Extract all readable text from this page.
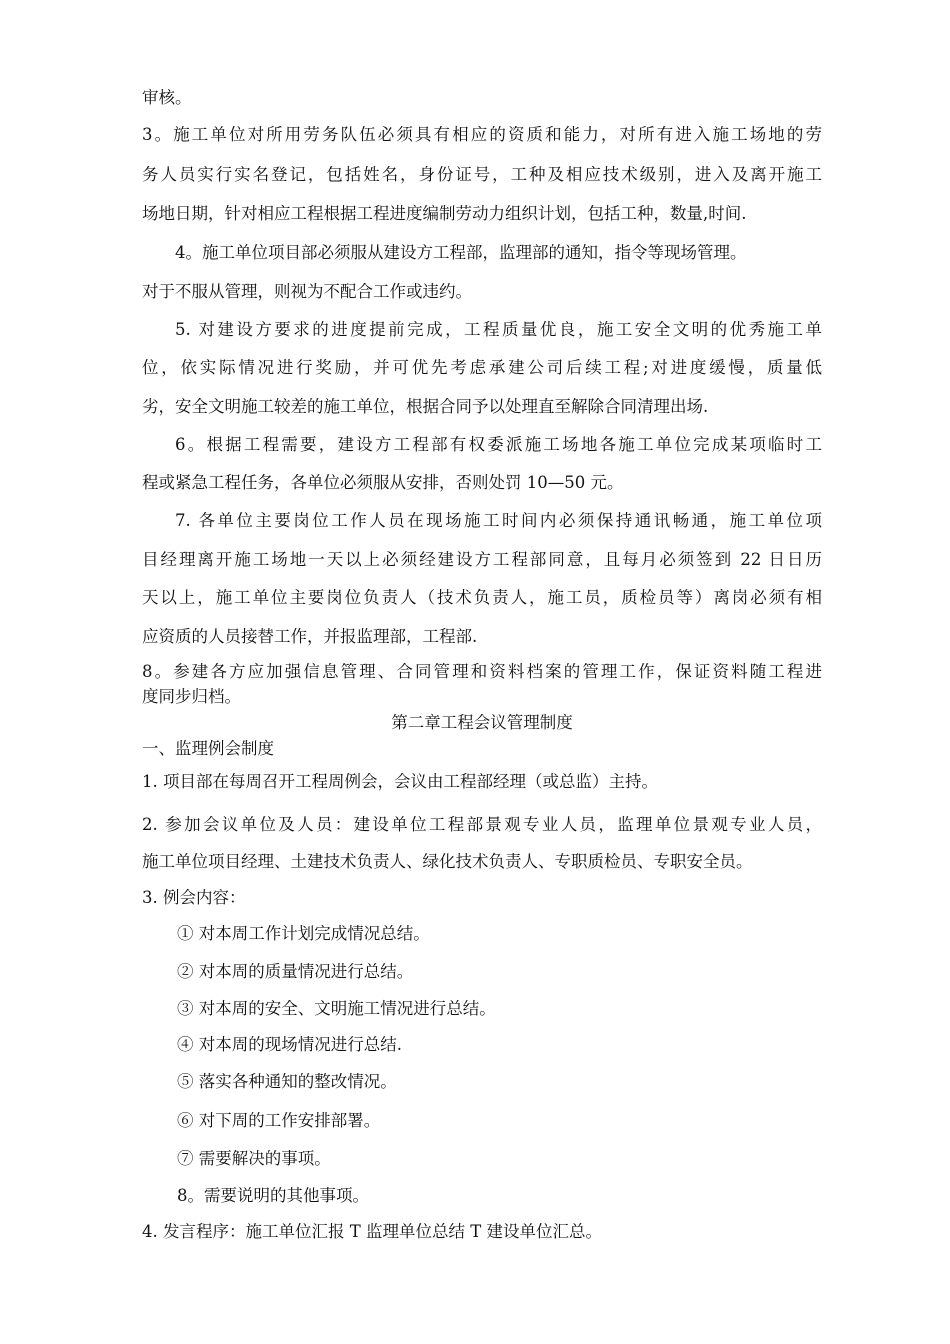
审核。
3。施工单位对所用劳务队伍必须具有相应的资质和能力，对所有进入施工场地的劳
务人员实行实名登记，包括姓名，身份证号，工种及相应技术级别，进入及离开施工
场地日期，针对相应工程根据工程进度编制劳动力组织计划，包括工种，数量,时间.
4。施工单位项目部必须服从建设方工程部，监理部的通知，指令等现场管理。
对于不服从管理，则视为不配合工作或违约。
5. 对建设方要求的进度提前完成，工程质量优良，施工安全文明的优秀施工单
位，依实际情况进行奖励，并可优先考虑承建公司后续工程;对进度缓慢，质量低
劣，安全文明施工较差的施工单位，根据合同予以处理直至解除合同清理出场.
6。根据工程需要，建设方工程部有权委派施工场地各施工单位完成某项临时工
程或紧急工程任务，各单位必须服从安排，否则处罚 10—50 元。
7. 各单位主要岗位工作人员在现场施工时间内必须保持通讯畅通，施工单位项
目经理离开施工场地一天以上必须经建设方工程部同意，且每月必须签到 22 日日历
天以上，施工单位主要岗位负责人（技术负责人，施工员，质检员等）离岗必须有相
应资质的人员接替工作，并报监理部，工程部.
8。参建各方应加强信息管理、合同管理和资料档案的管理工作，保证资料随工程进
度同步归档。
第二章工程会议管理制度
一、监理例会制度
1. 项目部在每周召开工程周例会，会议由工程部经理（或总监）主持。
2. 参加会议单位及人员：建设单位工程部景观专业人员，监理单位景观专业人员，
施工单位项目经理、土建技术负责人、绿化技术负责人、专职质检员、专职安全员。
3. 例会内容：
① 对本周工作计划完成情况总结。
② 对本周的质量情况进行总结。
③ 对本周的安全、文明施工情况进行总结。
④ 对本周的现场情况进行总结.
⑤ 落实各种通知的整改情况。
⑥ 对下周的工作安排部署。
⑦ 需要解决的事项。
8。需要说明的其他事项。
4. 发言程序：施工单位汇报 T 监理单位总结 T 建设单位汇总。
